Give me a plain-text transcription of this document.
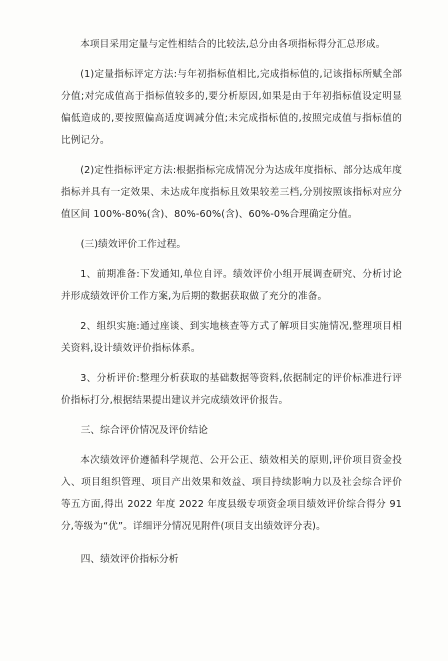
本项目采用定量与定性相结合的比较法,总分由各项指标得分汇总形成。

(1)定量指标评定方法:与年初指标值相比,完成指标值的,记该指标所赋全部分值;对完成值高于指标值较多的,要分析原因,如果是由于年初指标值设定明显偏低造成的,要按照偏高适度调减分值;未完成指标值的,按照完成值与指标值的比例记分。

(2)定性指标评定方法:根据指标完成情况分为达成年度指标、部分达成年度指标并具有一定效果、未达成年度指标且效果较差三档,分别按照该指标对应分值区间 100%-80%(含)、80%-60%(含)、60%-0%合理确定分值。

(三)绩效评价工作过程。

1、前期准备:下发通知,单位自评。绩效评价小组开展调查研究、分析讨论并形成绩效评价工作方案,为后期的数据获取做了充分的准备。

2、组织实施:通过座谈、到实地核查等方式了解项目实施情况,整理项目相关资料,设计绩效评价指标体系。

3、分析评价:整理分析获取的基础数据等资料,依据制定的评价标准进行评价指标打分,根据结果提出建议并完成绩效评价报告。

三、综合评价情况及评价结论

本次绩效评价遵循科学规范、公开公正、绩效相关的原则,评价项目资金投入、项目组织管理、项目产出效果和效益、项目持续影响力以及社会综合评价等五方面,得出 2022 年度 2022 年度县级专项资金项目绩效评价综合得分 91 分,等级为“优”。详细评分情况见附件(项目支出绩效评分表)。

四、绩效评价指标分析
